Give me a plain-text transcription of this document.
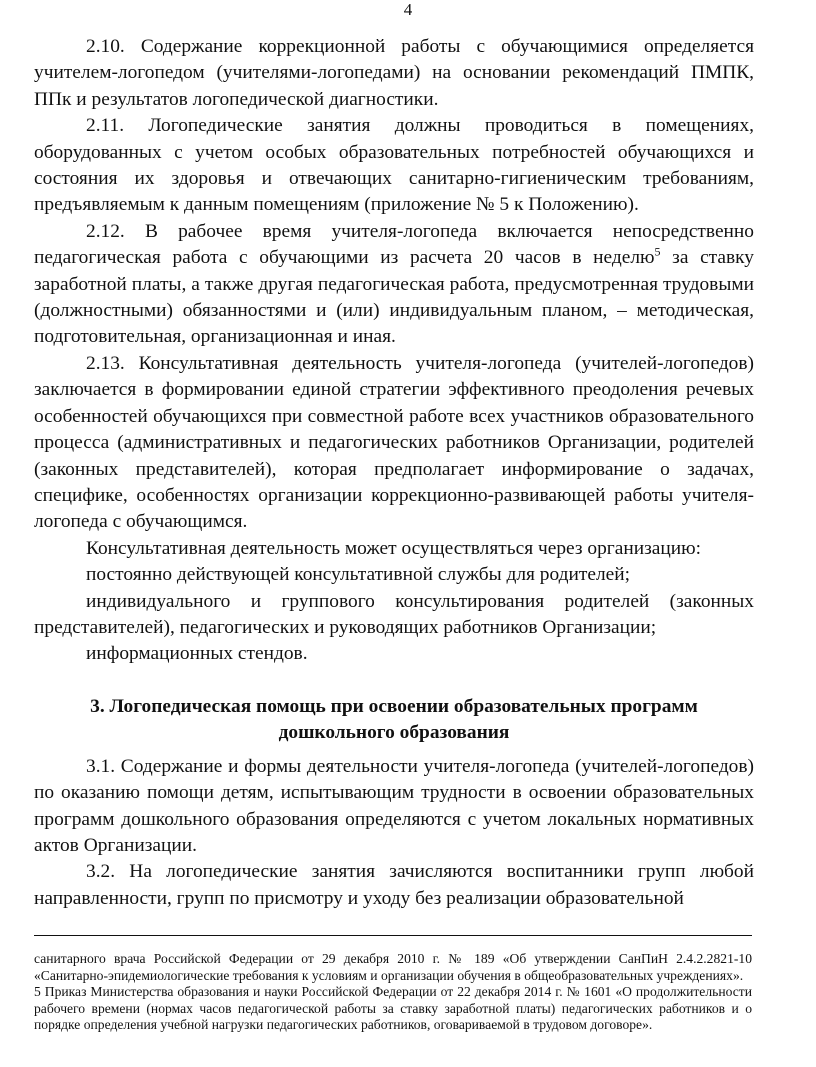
4

2.10. Содержание коррекционной работы с обучающимися определяется учителем-логопедом (учителями-логопедами) на основании рекомендаций ПМПК, ППк и результатов логопедической диагностики.

2.11. Логопедические занятия должны проводиться в помещениях, оборудованных с учетом особых образовательных потребностей обучающихся и состояния их здоровья и отвечающих санитарно-гигиеническим требованиям, предъявляемым к данным помещениям (приложение № 5 к Положению).

2.12. В рабочее время учителя-логопеда включается непосредственно педагогическая работа с обучающими из расчета 20 часов в неделю$^5$ за ставку заработной платы, а также другая педагогическая работа, предусмотренная трудовыми (должностными) обязанностями и (или) индивидуальным планом, – методическая, подготовительная, организационная и иная.

2.13. Консультативная деятельность учителя-логопеда (учителей-логопедов) заключается в формировании единой стратегии эффективного преодоления речевых особенностей обучающихся при совместной работе всех участников образовательного процесса (административных и педагогических работников Организации, родителей (законных представителей), которая предполагает информирование о задачах, специфике, особенностях организации коррекционно-развивающей работы учителя-логопеда с обучающимся.

Консультативная деятельность может осуществляться через организацию:

постоянно действующей консультативной службы для родителей;

индивидуального и группового консультирования родителей (законных представителей), педагогических и руководящих работников Организации;

информационных стендов.

3. Логопедическая помощь при освоении образовательных программ дошкольного образования

3.1. Содержание и формы деятельности учителя-логопеда (учителей-логопедов) по оказанию помощи детям, испытывающим трудности в освоении образовательных программ дошкольного образования определяются с учетом локальных нормативных актов Организации.

3.2. На логопедические занятия зачисляются воспитанники групп любой направленности, групп по присмотру и уходу без реализации образовательной

санитарного врача Российской Федерации от 29 декабря 2010 г. № 189 «Об утверждении СанПиН 2.4.2.2821-10 «Санитарно-эпидемиологические требования к условиям и организации обучения в общеобразовательных учреждениях».

5 Приказ Министерства образования и науки Российской Федерации от 22 декабря 2014 г. № 1601 «О продолжительности рабочего времени (нормах часов педагогической работы за ставку заработной платы) педагогических работников и о порядке определения учебной нагрузки педагогических работников, оговариваемой в трудовом договоре».
